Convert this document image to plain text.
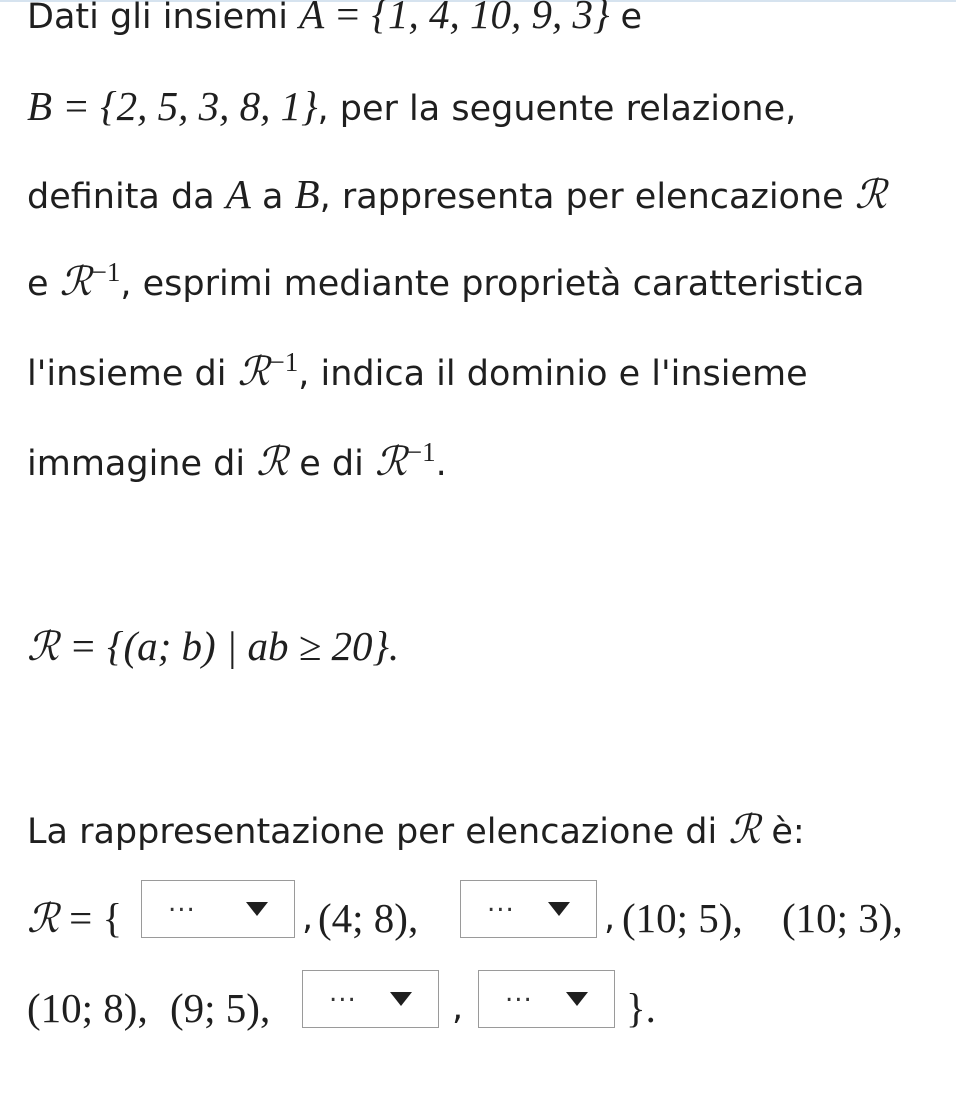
Dati gli insiemi A = {1, 4, 10, 9, 3} e
B = {2, 5, 3, 8, 1}, per la seguente relazione,
definita da A a B, rappresenta per elencazione ℛ
e ℛ$^{-1}$, esprimi mediante proprietà caratteristica
l'insieme di ℛ$^{-1}$, indica il dominio e l'insieme
immagine di ℛ e di ℛ$^{-1}$.
ℛ = {(a; b) | ab ≥ 20}.
La rappresentazione per elencazione di ℛ è:
ℛ = { ...	, (4; 8),	...	, (10; 5), (10; 3),
(10; 8), (9; 5), ...	, ... }.
